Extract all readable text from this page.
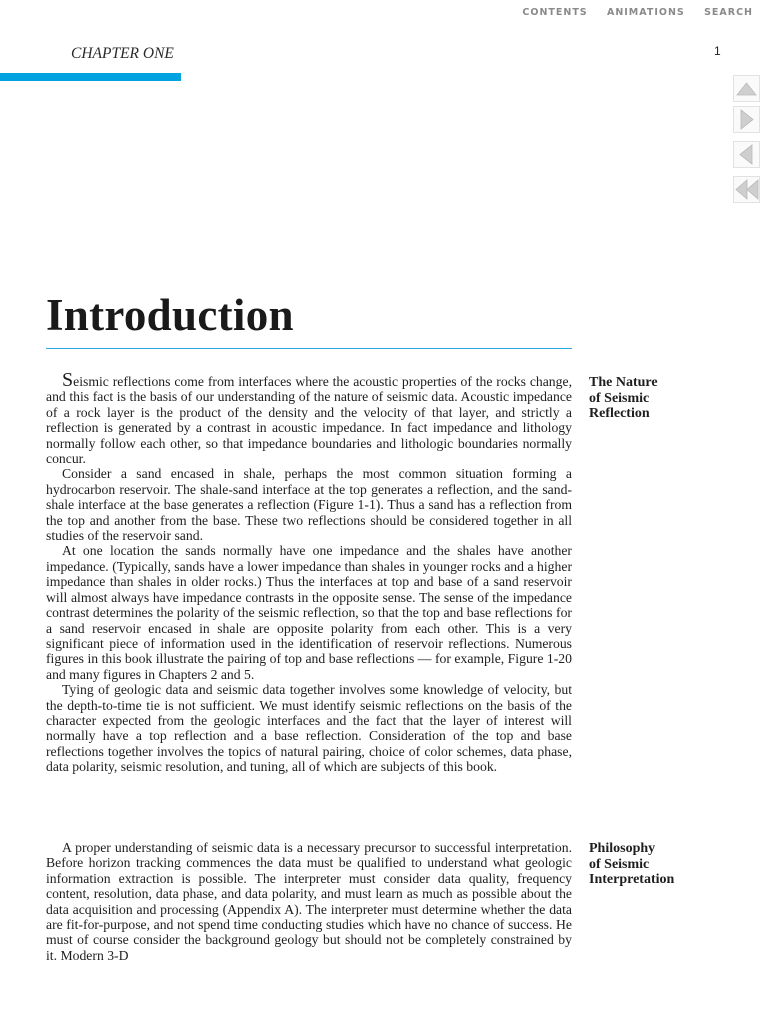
CONTENTS ANIMATIONS SEARCH
CHAPTER ONE	1
Introduction
The Nature
of Seismic
Reflection

Seismic reflections come from interfaces where the acoustic properties of the rocks change, and this fact is the basis of our understanding of the nature of seismic data. Acoustic impedance of a rock layer is the product of the density and the velocity of that layer, and strictly a reflection is generated by a contrast in acoustic impedance. In fact impedance and lithology normally follow each other, so that impedance boundaries and lithologic boundaries normally concur.

Consider a sand encased in shale, perhaps the most common situation forming a hydrocarbon reservoir. The shale-sand interface at the top generates a reflection, and the sand-shale interface at the base generates a reflection (Figure 1-1). Thus a sand has a reflection from the top and another from the base. These two reflections should be considered together in all studies of the reservoir sand.

At one location the sands normally have one impedance and the shales have another impedance. (Typically, sands have a lower impedance than shales in younger rocks and a higher impedance than shales in older rocks.) Thus the interfaces at top and base of a sand reservoir will almost always have impedance contrasts in the opposite sense. The sense of the impedance contrast determines the polarity of the seismic reflection, so that the top and base reflections for a sand reservoir encased in shale are opposite polarity from each other. This is a very significant piece of information used in the identification of reservoir reflections. Numerous figures in this book illustrate the pairing of top and base reflections — for example, Figure 1-20 and many figures in Chapters 2 and 5.

Tying of geologic data and seismic data together involves some knowledge of velocity, but the depth-to-time tie is not sufficient. We must identify seismic reflections on the basis of the character expected from the geologic interfaces and the fact that the layer of interest will normally have a top reflection and a base reflection. Consideration of the top and base reflections together involves the topics of natural pairing, choice of color schemes, data phase, data polarity, seismic resolution, and tuning, all of which are subjects of this book.

Philosophy
of Seismic
Interpretation

A proper understanding of seismic data is a necessary precursor to successful interpretation. Before horizon tracking commences the data must be qualified to understand what geologic information extraction is possible. The interpreter must consider data quality, frequency content, resolution, data phase, and data polarity, and must learn as much as possible about the data acquisition and processing (Appendix A). The interpreter must determine whether the data are fit-for-purpose, and not spend time conducting studies which have no chance of success. He must of course consider the background geology but should not be completely constrained by it. Modern 3-D
